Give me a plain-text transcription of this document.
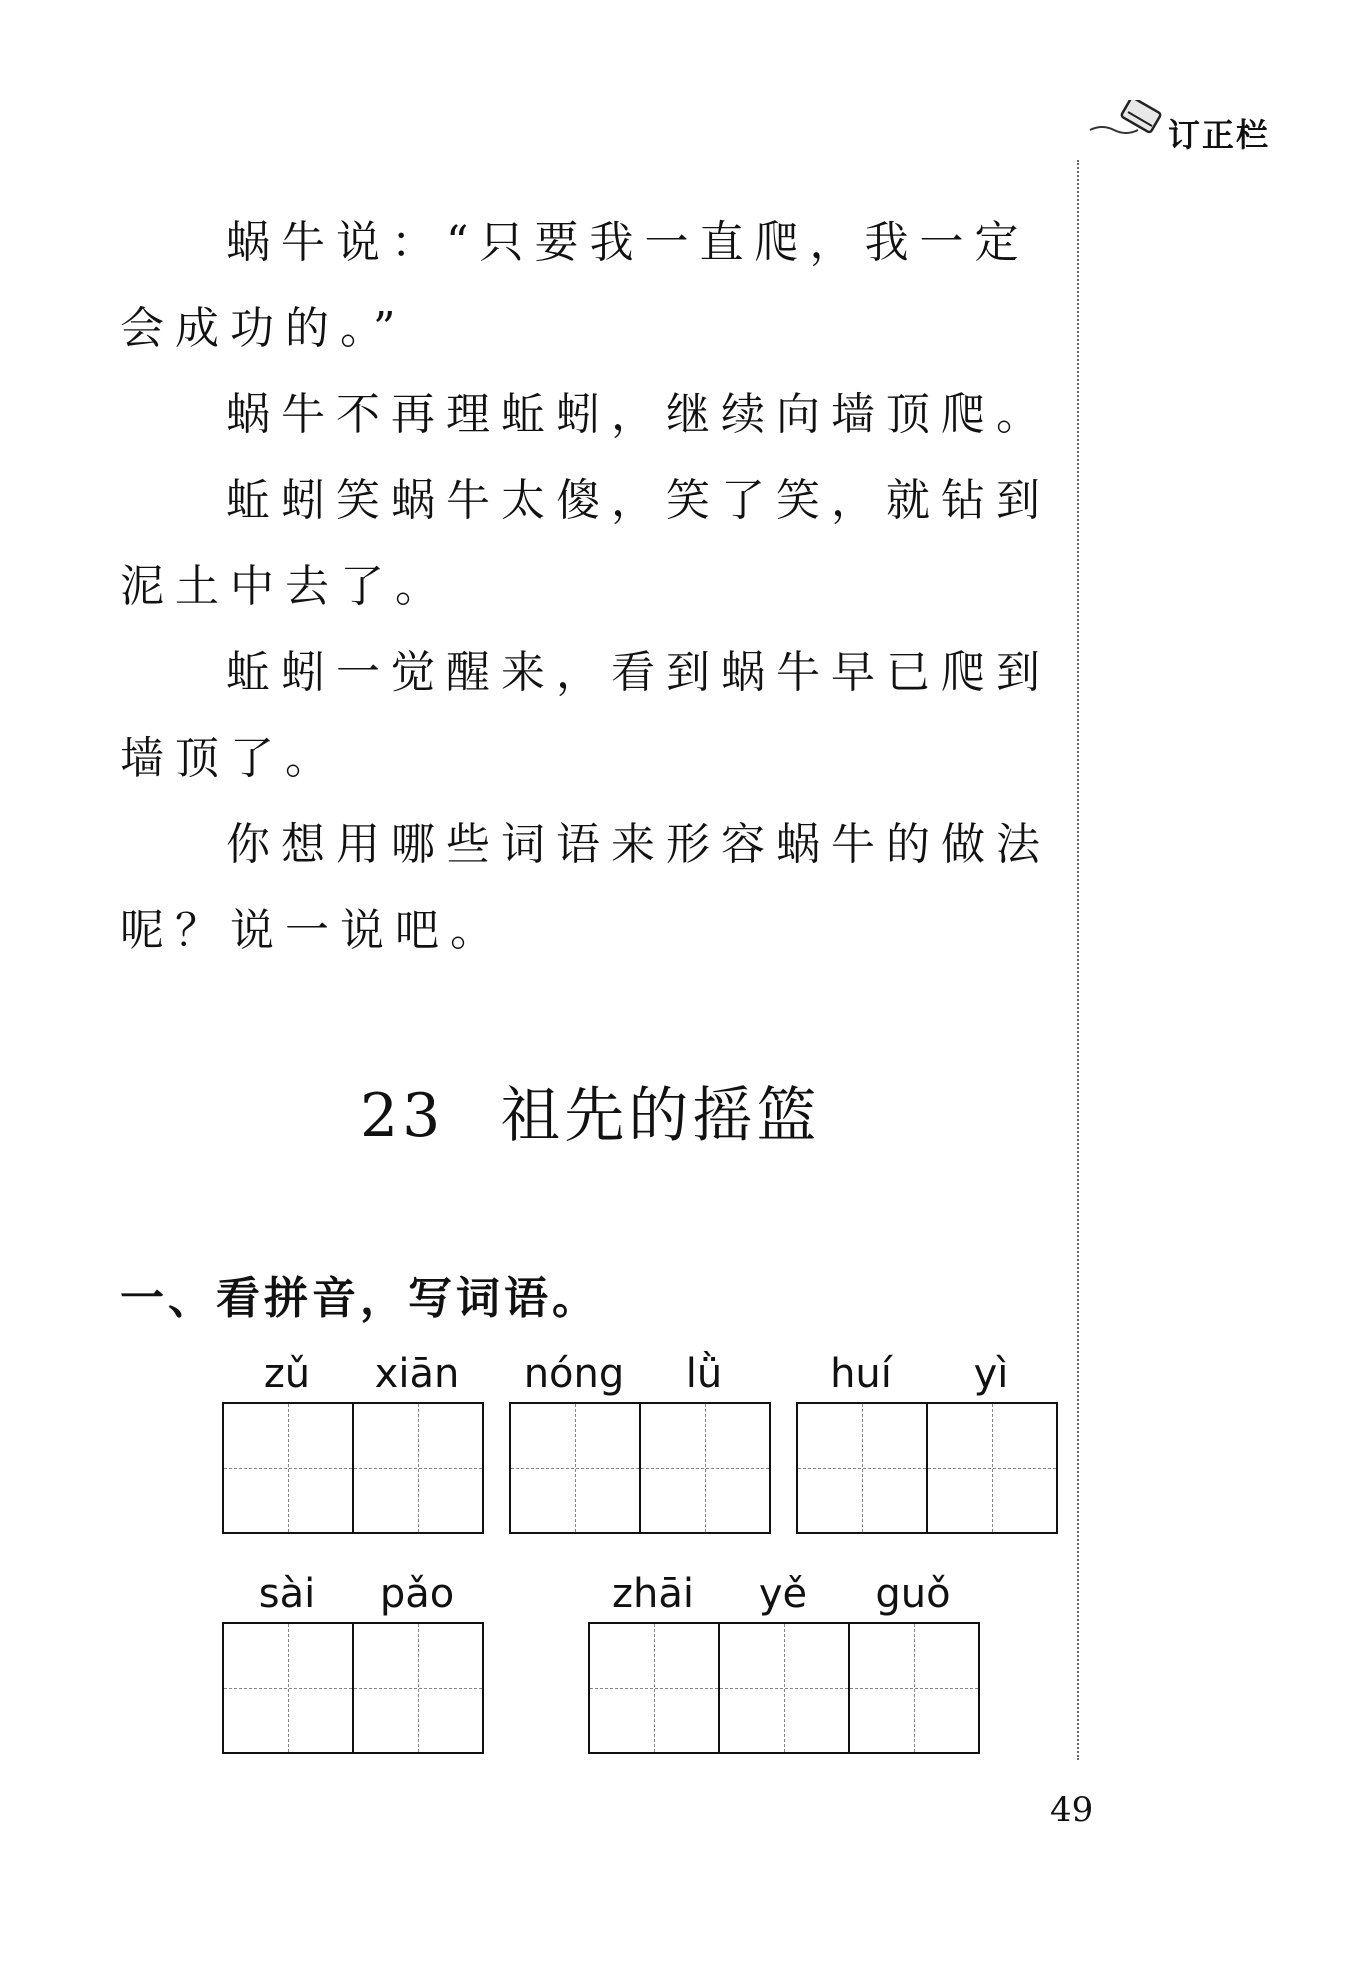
订正栏

蜗牛说：“只要我一直爬，我一定会成功的。”

蜗牛不再理蚯蚓，继续向墙顶爬。

蚯蚓笑蜗牛太傻，笑了笑，就钻到泥土中去了。

蚯蚓一觉醒来，看到蜗牛早已爬到墙顶了。

你想用哪些词语来形容蜗牛的做法呢？说一说吧。

23 祖先的摇篮
一、看拼音，写词语。
zǔ	xiān	nóng	lǜ	huí	yì
sài	pǎo	zhāi	yě	guǒ
49
